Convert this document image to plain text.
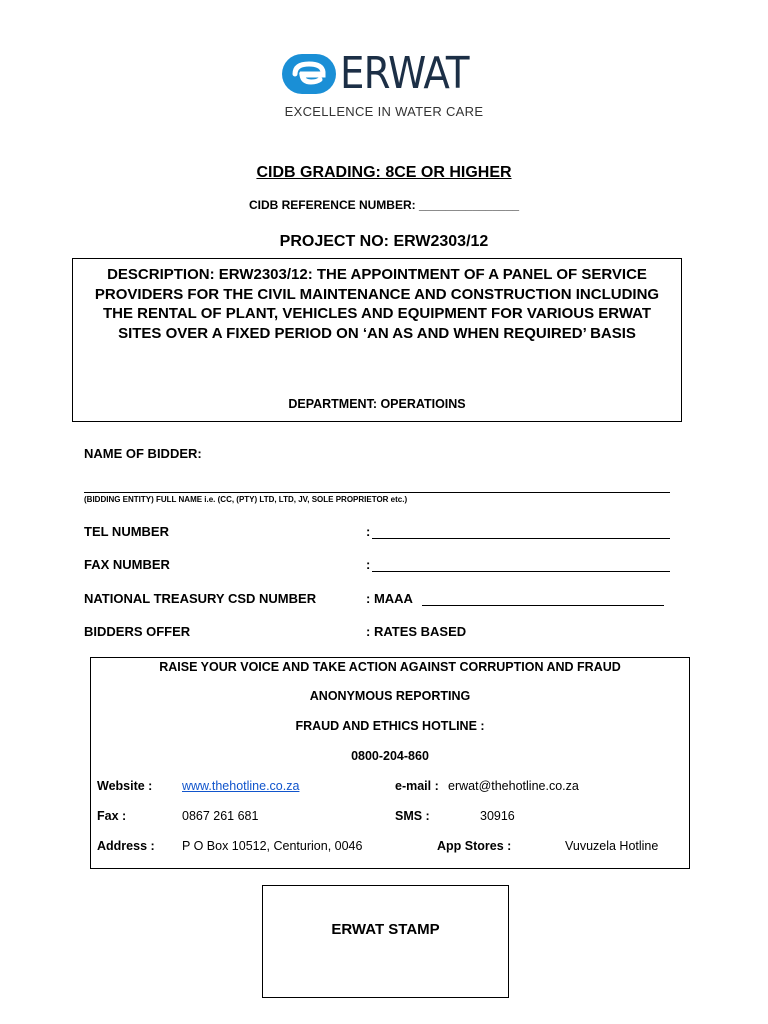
ERWAT
EXCELLENCE IN WATER CARE
CIDB GRADING: 8CE OR HIGHER
CIDB REFERENCE NUMBER: _______________
PROJECT NO: ERW2303/12
DESCRIPTION: ERW2303/12: THE APPOINTMENT OF A PANEL OF SERVICE PROVIDERS FOR THE CIVIL MAINTENANCE AND CONSTRUCTION INCLUDING THE RENTAL OF PLANT, VEHICLES AND EQUIPMENT FOR VARIOUS ERWAT SITES OVER A FIXED PERIOD ON ‘AN AS AND WHEN REQUIRED’ BASIS
DEPARTMENT: OPERATIOINS
NAME OF BIDDER:
(BIDDING ENTITY) FULL NAME i.e. (CC, (PTY) LTD, LTD, JV, SOLE PROPRIETOR etc.)
TEL NUMBER	:
FAX NUMBER	:
NATIONAL TREASURY CSD NUMBER	: MAAA
BIDDERS OFFER	: RATES BASED
RAISE YOUR VOICE AND TAKE ACTION AGAINST CORRUPTION AND FRAUD
ANONYMOUS REPORTING
FRAUD AND ETHICS HOTLINE :
0800-204-860
Website : www.thehotline.co.za	e-mail : erwat@thehotline.co.za
Fax :	0867 261 681	SMS :	30916
Address : P O Box 10512, Centurion, 0046	App Stores :	Vuvuzela Hotline
ERWAT STAMP
